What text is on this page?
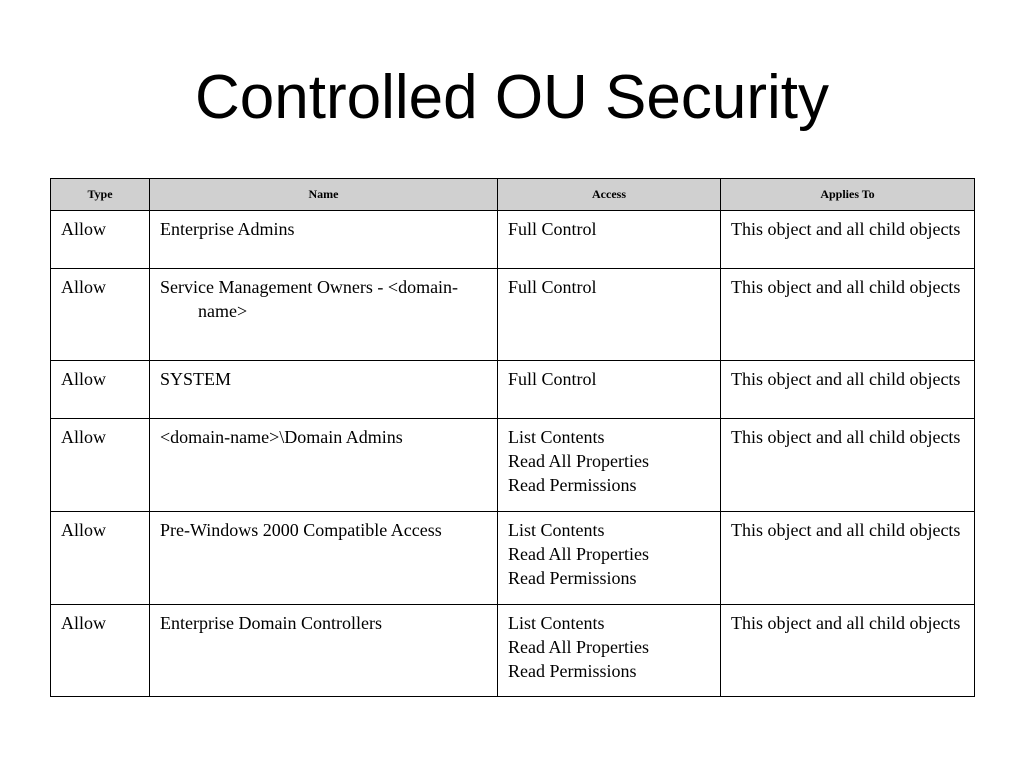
Controlled OU Security
Type	Name	Access	Applies To
Allow	Enterprise Admins	Full Control	This object and all child objects

Allow	Service Management Owners - <domain-name>	Full Control	This object and all child objects

Allow	SYSTEM	Full Control	This object and all child objects

Allow	<domain-name>\Domain Admins	List Contents
Read All Properties
Read Permissions	This object and all child objects

Allow	Pre-Windows 2000 Compatible Access	List Contents
Read All Properties
Read Permissions	This object and all child objects

Allow	Enterprise Domain Controllers	List Contents
Read All Properties
Read Permissions	This object and all child objects
